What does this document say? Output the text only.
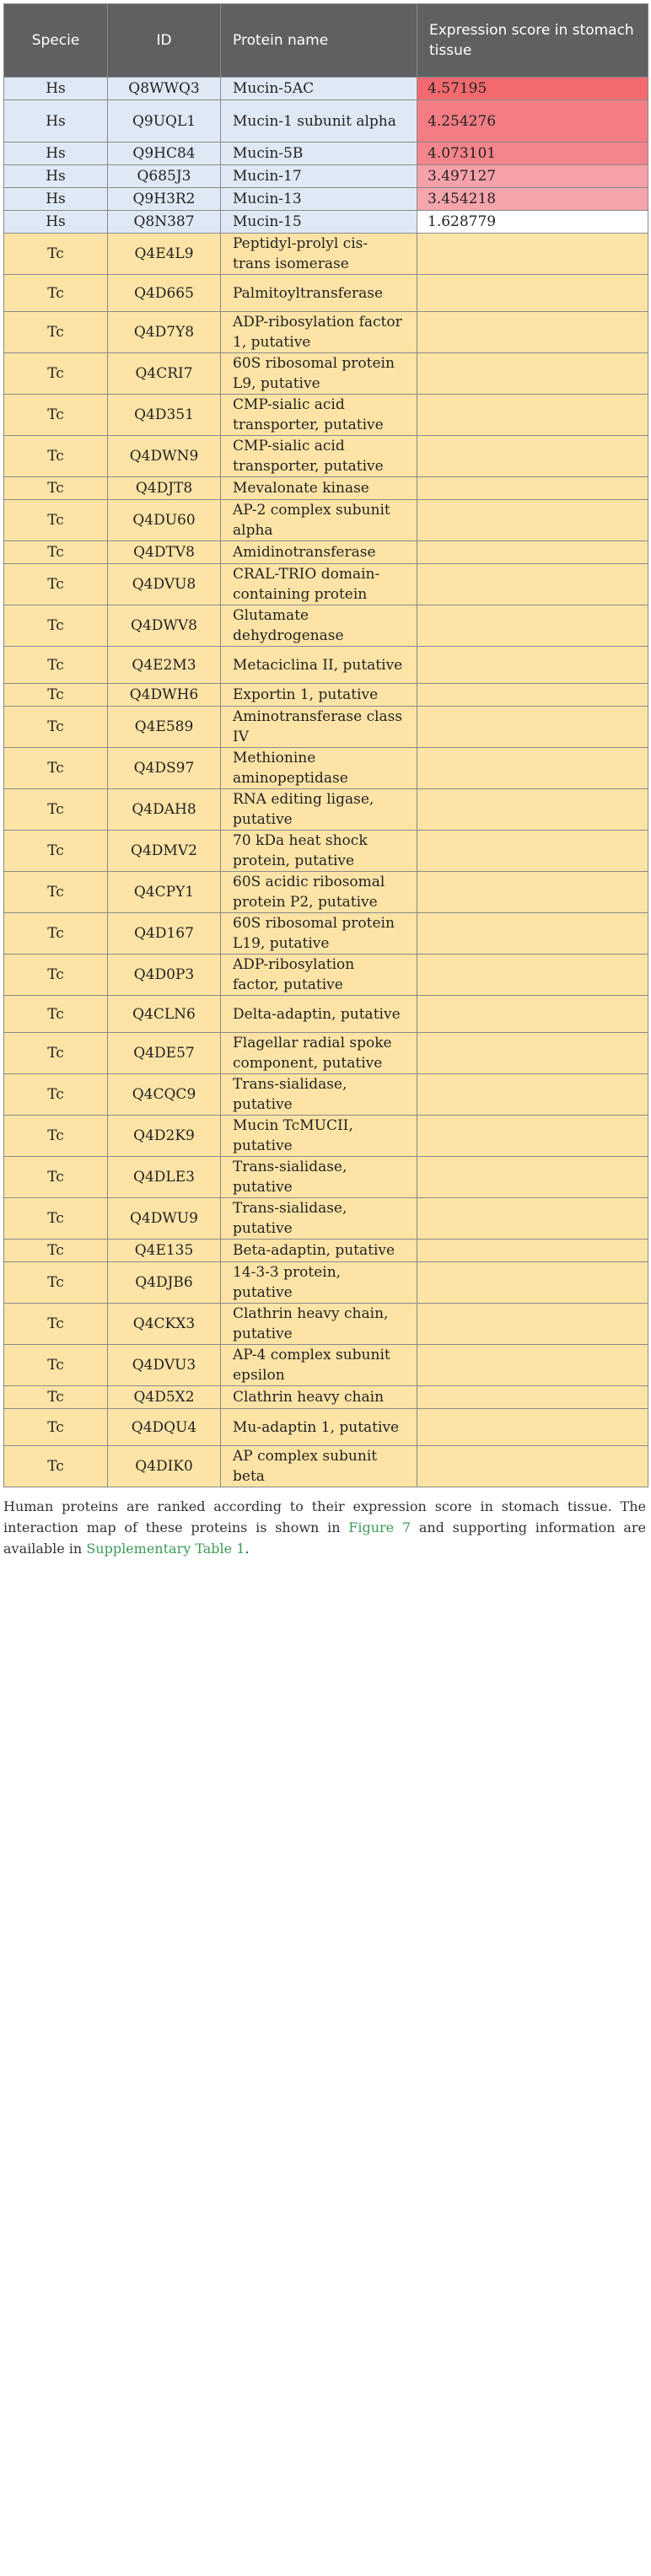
Specie	ID	Protein name	Expression score in stomach tissue
Hs	Q8WWQ3	Mucin-5AC	4.57195
Hs	Q9UQL1	Mucin-1 subunit alpha	4.254276
Hs	Q9HC84	Mucin-5B	4.073101
Hs	Q685J3	Mucin-17	3.497127
Hs	Q9H3R2	Mucin-13	3.454218
Hs	Q8N387	Mucin-15	1.628779
Tc	Q4E4L9	Peptidyl-prolyl cis-trans isomerase	
Tc	Q4D665	Palmitoyltransferase	
Tc	Q4D7Y8	ADP-ribosylation factor 1, putative	
Tc	Q4CRI7	60S ribosomal protein L9, putative	
Tc	Q4D351	CMP-sialic acid transporter, putative	
Tc	Q4DWN9	CMP-sialic acid transporter, putative	
Tc	Q4DJT8	Mevalonate kinase	
Tc	Q4DU60	AP-2 complex subunit alpha	
Tc	Q4DTV8	Amidinotransferase	
Tc	Q4DVU8	CRAL-TRIO domain-containing protein	
Tc	Q4DWV8	Glutamate dehydrogenase	
Tc	Q4E2M3	Metaciclina II, putative	
Tc	Q4DWH6	Exportin 1, putative	
Tc	Q4E589	Aminotransferase class IV	
Tc	Q4DS97	Methionine aminopeptidase	
Tc	Q4DAH8	RNA editing ligase, putative	
Tc	Q4DMV2	70 kDa heat shock protein, putative	
Tc	Q4CPY1	60S acidic ribosomal protein P2, putative	
Tc	Q4D167	60S ribosomal protein L19, putative	
Tc	Q4D0P3	ADP-ribosylation factor, putative	
Tc	Q4CLN6	Delta-adaptin, putative	
Tc	Q4DE57	Flagellar radial spoke component, putative	
Tc	Q4CQC9	Trans-sialidase, putative	
Tc	Q4D2K9	Mucin TcMUCII, putative	
Tc	Q4DLE3	Trans-sialidase, putative	
Tc	Q4DWU9	Trans-sialidase, putative	
Tc	Q4E135	Beta-adaptin, putative	
Tc	Q4DJB6	14-3-3 protein, putative	
Tc	Q4CKX3	Clathrin heavy chain, putative	
Tc	Q4DVU3	AP-4 complex subunit epsilon	
Tc	Q4D5X2	Clathrin heavy chain	
Tc	Q4DQU4	Mu-adaptin 1, putative	
Tc	Q4DIK0	AP complex subunit beta	
Human proteins are ranked according to their expression score in stomach tissue. The interaction map of these proteins is shown in Figure 7 and supporting information are available in Supplementary Table 1.
